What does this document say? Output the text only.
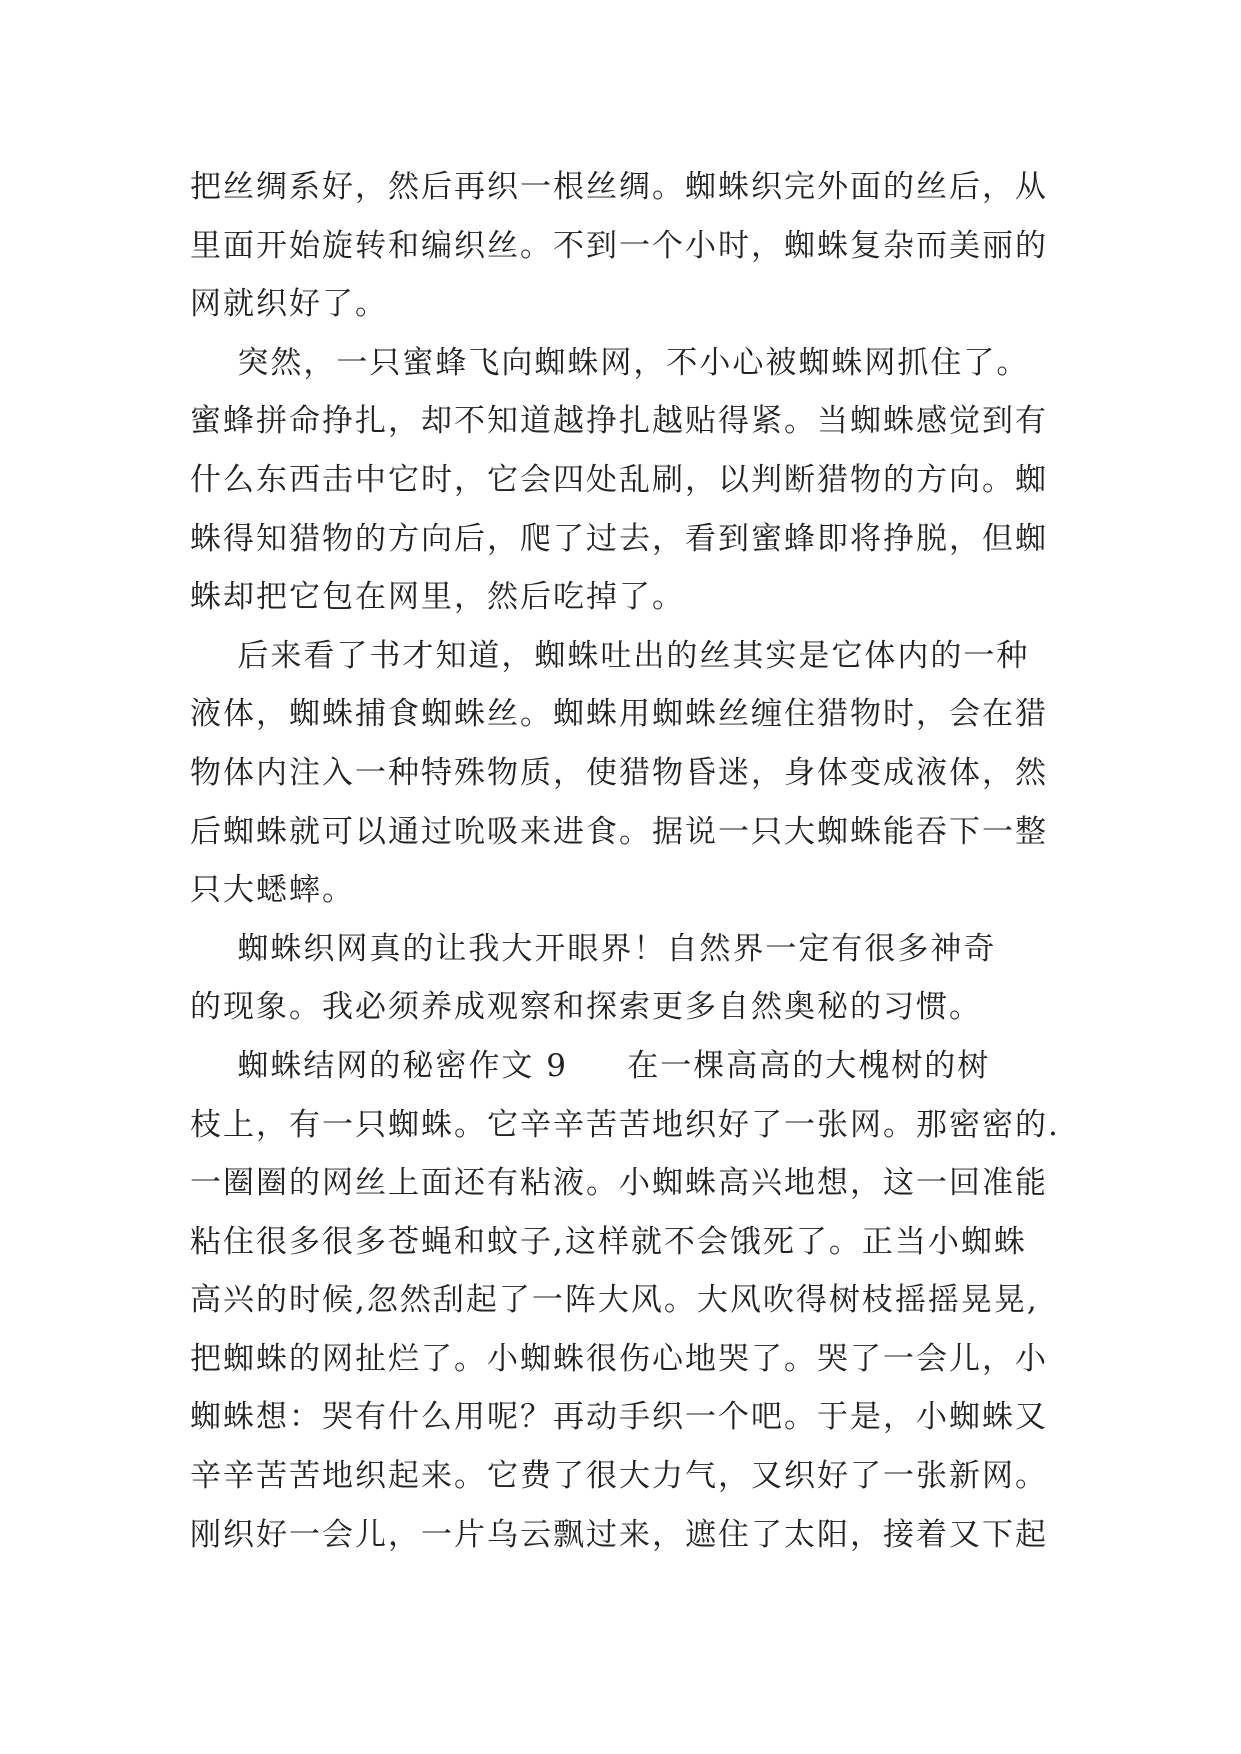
把丝绸系好，然后再织一根丝绸。蜘蛛织完外面的丝后，从
里面开始旋转和编织丝。不到一个小时，蜘蛛复杂而美丽的
网就织好了。
突然，一只蜜蜂飞向蜘蛛网，不小心被蜘蛛网抓住了。
蜜蜂拼命挣扎，却不知道越挣扎越贴得紧。当蜘蛛感觉到有
什么东西击中它时，它会四处乱刷，以判断猎物的方向。蜘
蛛得知猎物的方向后，爬了过去，看到蜜蜂即将挣脱，但蜘
蛛却把它包在网里，然后吃掉了。
后来看了书才知道，蜘蛛吐出的丝其实是它体内的一种
液体，蜘蛛捕食蜘蛛丝。蜘蛛用蜘蛛丝缠住猎物时，会在猎
物体内注入一种特殊物质，使猎物昏迷，身体变成液体，然
后蜘蛛就可以通过吮吸来进食。据说一只大蜘蛛能吞下一整
只大蟋蟀。
蜘蛛织网真的让我大开眼界！自然界一定有很多神奇
的现象。我必须养成观察和探索更多自然奥秘的习惯。
蜘蛛结网的秘密作文 9     在一棵高高的大槐树的树
枝上，有一只蜘蛛。它辛辛苦苦地织好了一张网。那密密的.
一圈圈的网丝上面还有粘液。小蜘蛛高兴地想，这一回准能
粘住很多很多苍蝇和蚊子,这样就不会饿死了。正当小蜘蛛
高兴的时候,忽然刮起了一阵大风。大风吹得树枝摇摇晃晃,
把蜘蛛的网扯烂了。小蜘蛛很伤心地哭了。哭了一会儿，小
蜘蛛想：哭有什么用呢？再动手织一个吧。于是，小蜘蛛又
辛辛苦苦地织起来。它费了很大力气，又织好了一张新网。
刚织好一会儿，一片乌云飘过来，遮住了太阳，接着又下起
